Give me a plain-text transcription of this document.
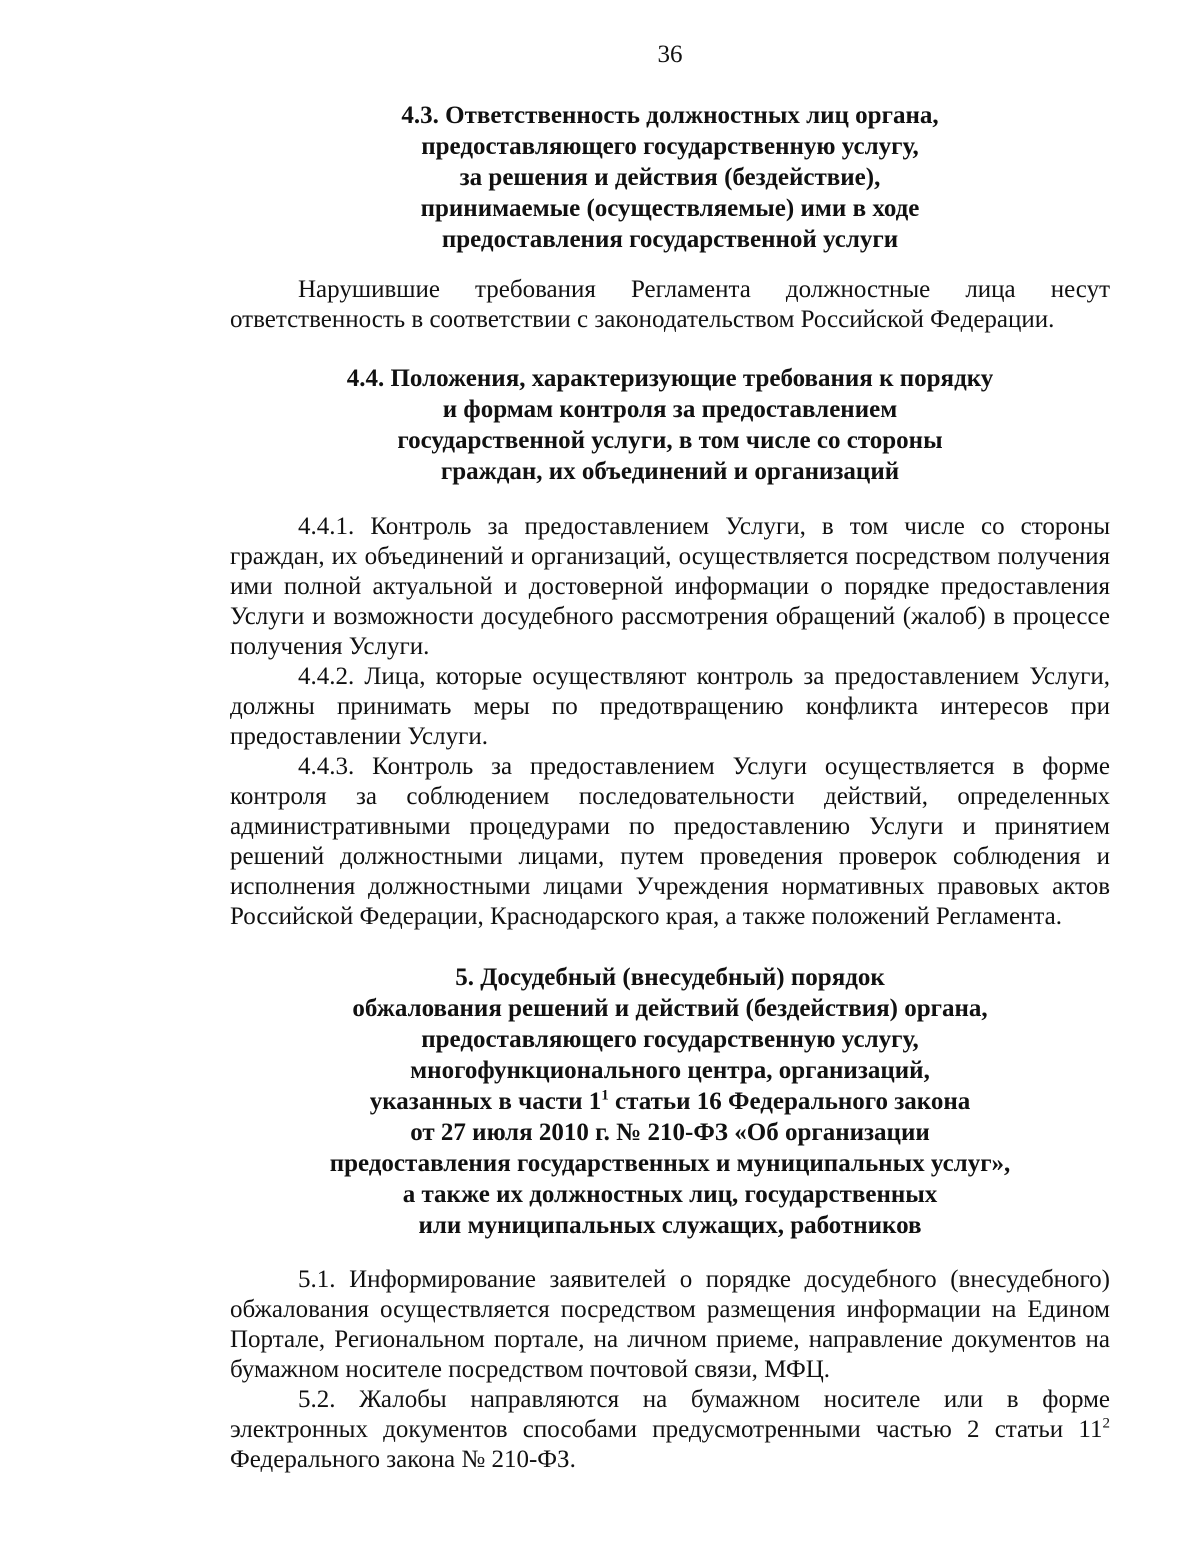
36
4.3. Ответственность должностных лиц органа,
предоставляющего государственную услугу,
за решения и действия (бездействие),
принимаемые (осуществляемые) ими в ходе
предоставления государственной услуги

Нарушившие требования Регламента должностные лица несут ответственность в соответствии с законодательством Российской Федерации.

4.4. Положения, характеризующие требования к порядку
и формам контроля за предоставлением
государственной услуги, в том числе со стороны
граждан, их объединений и организаций

4.4.1. Контроль за предоставлением Услуги, в том числе со стороны граждан, их объединений и организаций, осуществляется посредством получения ими полной актуальной и достоверной информации о порядке предоставления Услуги и возможности досудебного рассмотрения обращений (жалоб) в процессе получения Услуги.

4.4.2. Лица, которые осуществляют контроль за предоставлением Услуги, должны принимать меры по предотвращению конфликта интересов при предоставлении Услуги.

4.4.3. Контроль за предоставлением Услуги осуществляется в форме контроля за соблюдением последовательности действий, определенных административными процедурами по предоставлению Услуги и принятием решений должностными лицами, путем проведения проверок соблюдения и исполнения должностными лицами Учреждения нормативных правовых актов Российской Федерации, Краснодарского края, а также положений Регламента.

5. Досудебный (внесудебный) порядок
обжалования решений и действий (бездействия) органа,
предоставляющего государственную услугу,
многофункционального центра, организаций,
указанных в части $1^1$ статьи 16 Федерального закона
от 27 июля 2010 г. № 210-ФЗ «Об организации
предоставления государственных и муниципальных услуг»,
а также их должностных лиц, государственных
или муниципальных служащих, работников

5.1. Информирование заявителей о порядке досудебного (внесудебного) обжалования осуществляется посредством размещения информации на Едином Портале, Региональном портале, на личном приеме, направление документов на бумажном носителе посредством почтовой связи, МФЦ.

5.2. Жалобы направляются на бумажном носителе или в форме электронных документов способами предусмотренными частью 2 статьи $11^2$ Федерального закона № 210-ФЗ.
